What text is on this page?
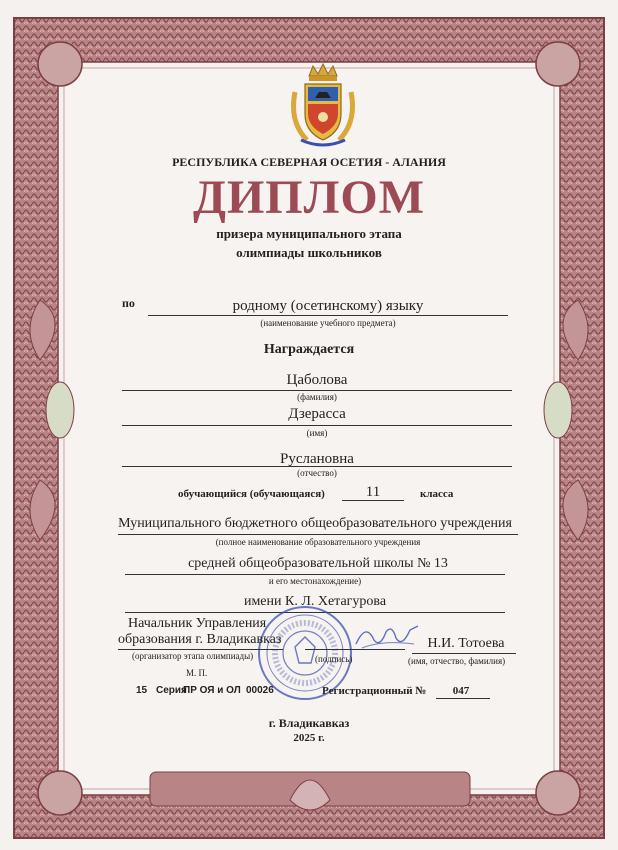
РЕСПУБЛИКА СЕВЕРНАЯ ОСЕТИЯ - АЛАНИЯ
ДИПЛОМ
призера муниципального этапа
олимпиады школьников
по	родному (осетинскому) языку
(наименование учебного предмета)
Награждается
Цаболова
(фамилия)
Дзерасса
(имя)
Руслановна
(отчество)
обучающийся (обучающаяся)	11	класса
Муниципального бюджетного общеобразовательного учреждения
(полное наименование образовательного учреждения
средней общеобразовательной школы № 13
и его местонахождение)
имени К. Л. Хетагурова
Начальник Управления
образования г. Владикавказ
(организатор этапа олимпиады)	(подпись)
Н.И. Тотоева
(имя, отчество, фамилия)
М. П.
15 Серия
ПР ОЯ и ОЛ 00026	Регистрационный №	047
г. Владикавказ
2025 г.
